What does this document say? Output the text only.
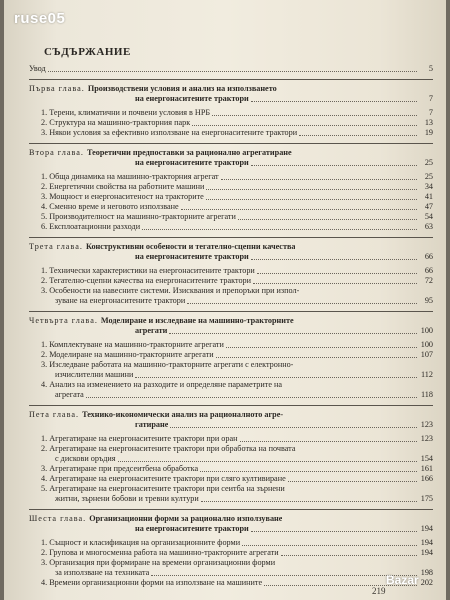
ruse05
СЪДЪРЖАНИЕ
Увод	5
Първа глава. Производствени условия и анализ на използването
на енергонаситените трактори	7
1. Терени, климатични и почвени условия в НРБ	7
2. Структура на машинно-тракторния парк	13
3. Някои условия за ефективно използване на енергонаситените трактори	19
Втора глава. Теоретични предпоставки за рационално агрегатиране
на енергонаситените трактори	25
1. Обща динамика на машинно-тракторния агрегат	25
2. Енергетични свойства на работните машини	34
3. Мощност и енергонаситеност на тракторите	41
4. Сменно време и неговото използване	47
5. Производителност на машинно-тракторните агрегати	54
6. Експлоатационни разходи	63
Трета глава. Конструктивни особености и тегателно-сцепни качества
на енергонаситените трактори	66
1. Технически характеристики на енергонаситените трактори	66
2. Тегателно-сцепни качества на енергонаситените трактори	72
3. Особености на навесните системи. Изисквания и препоръки при изпол-
зуване на енергонаситените трактори	95
Четвърта глава. Моделиране и изследване на машинно-тракторните
агрегати	100
1. Комплектуване на машинно-тракторните агрегати	100
2. Моделиране на машинно-тракторните агрегати	107
3. Изследване работата на машинно-тракторните агрегати с електронно-
изчислителни машини	112
4. Анализ на изменението на разходите и определяне параметрите на
агрегата	118
Пета глава. Технико-икономически анализ на рационалното агре-
гатиране	123
1. Агрегатиране на енергонаситените трактори при оран	123
2. Агрегатиране на енергонаситените трактори при обработка на почвата
с дискови оръдия	154
3. Агрегатиране при предсеитбена обработка	161
4. Агрегатиране на енергонаситените трактори при сляго култивиране	166
5. Агрегатиране на енергонаситените трактори при сеитба на зърнени
житни, зърнени бобови и тревни култури	175
Шеста глава. Организационни форми за рационално използуване
на енергонаситените трактори	194
1. Същност и класификация на организационните форми	194
2. Групова и многосменна работа на машинно-тракторните агрегати	194
3. Организация при формиране на времени организационни форми
за използване на техниката	198
4. Времени организационни форми на използване на машините	202
219
Bazar
